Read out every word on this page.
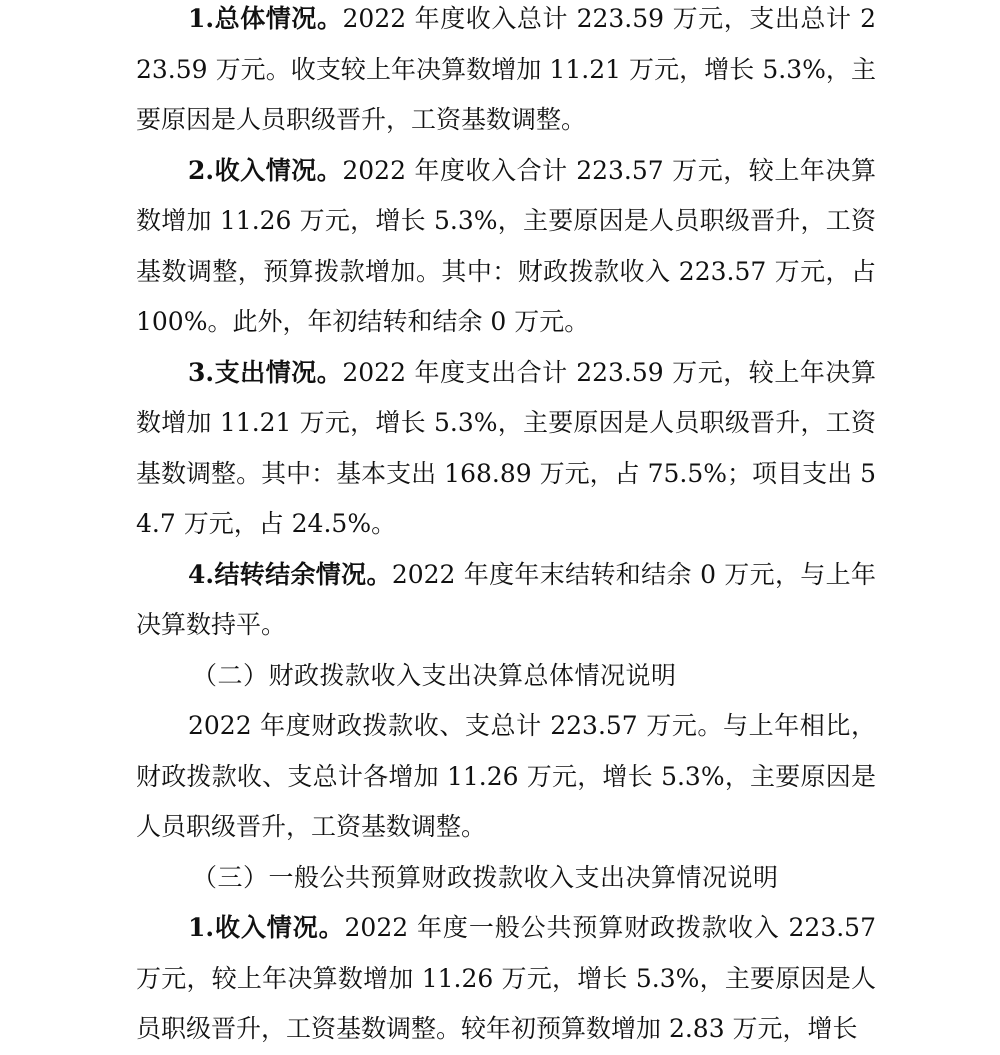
1.总体情况。2022 年度收入总计 223.59 万元，支出总计 223.59 万元。收支较上年决算数增加 11.21 万元，增长 5.3%，主要原因是人员职级晋升，工资基数调整。

2.收入情况。2022 年度收入合计 223.57 万元，较上年决算数增加 11.26 万元，增长 5.3%，主要原因是人员职级晋升，工资基数调整，预算拨款增加。其中：财政拨款收入 223.57 万元，占 100%。此外，年初结转和结余 0 万元。

3.支出情况。2022 年度支出合计 223.59 万元，较上年决算数增加 11.21 万元，增长 5.3%，主要原因是人员职级晋升，工资基数调整。其中：基本支出 168.89 万元，占 75.5%；项目支出 54.7 万元，占 24.5%。

4.结转结余情况。2022 年度年末结转和结余 0 万元，与上年决算数持平。

（二）财政拨款收入支出决算总体情况说明

2022 年度财政拨款收、支总计 223.57 万元。与上年相比，财政拨款收、支总计各增加 11.26 万元，增长 5.3%，主要原因是人员职级晋升，工资基数调整。

（三）一般公共预算财政拨款收入支出决算情况说明

1.收入情况。2022 年度一般公共预算财政拨款收入 223.57 万元，较上年决算数增加 11.26 万元，增长 5.3%，主要原因是人员职级晋升，工资基数调整。较年初预算数增加 2.83 万元，增长
